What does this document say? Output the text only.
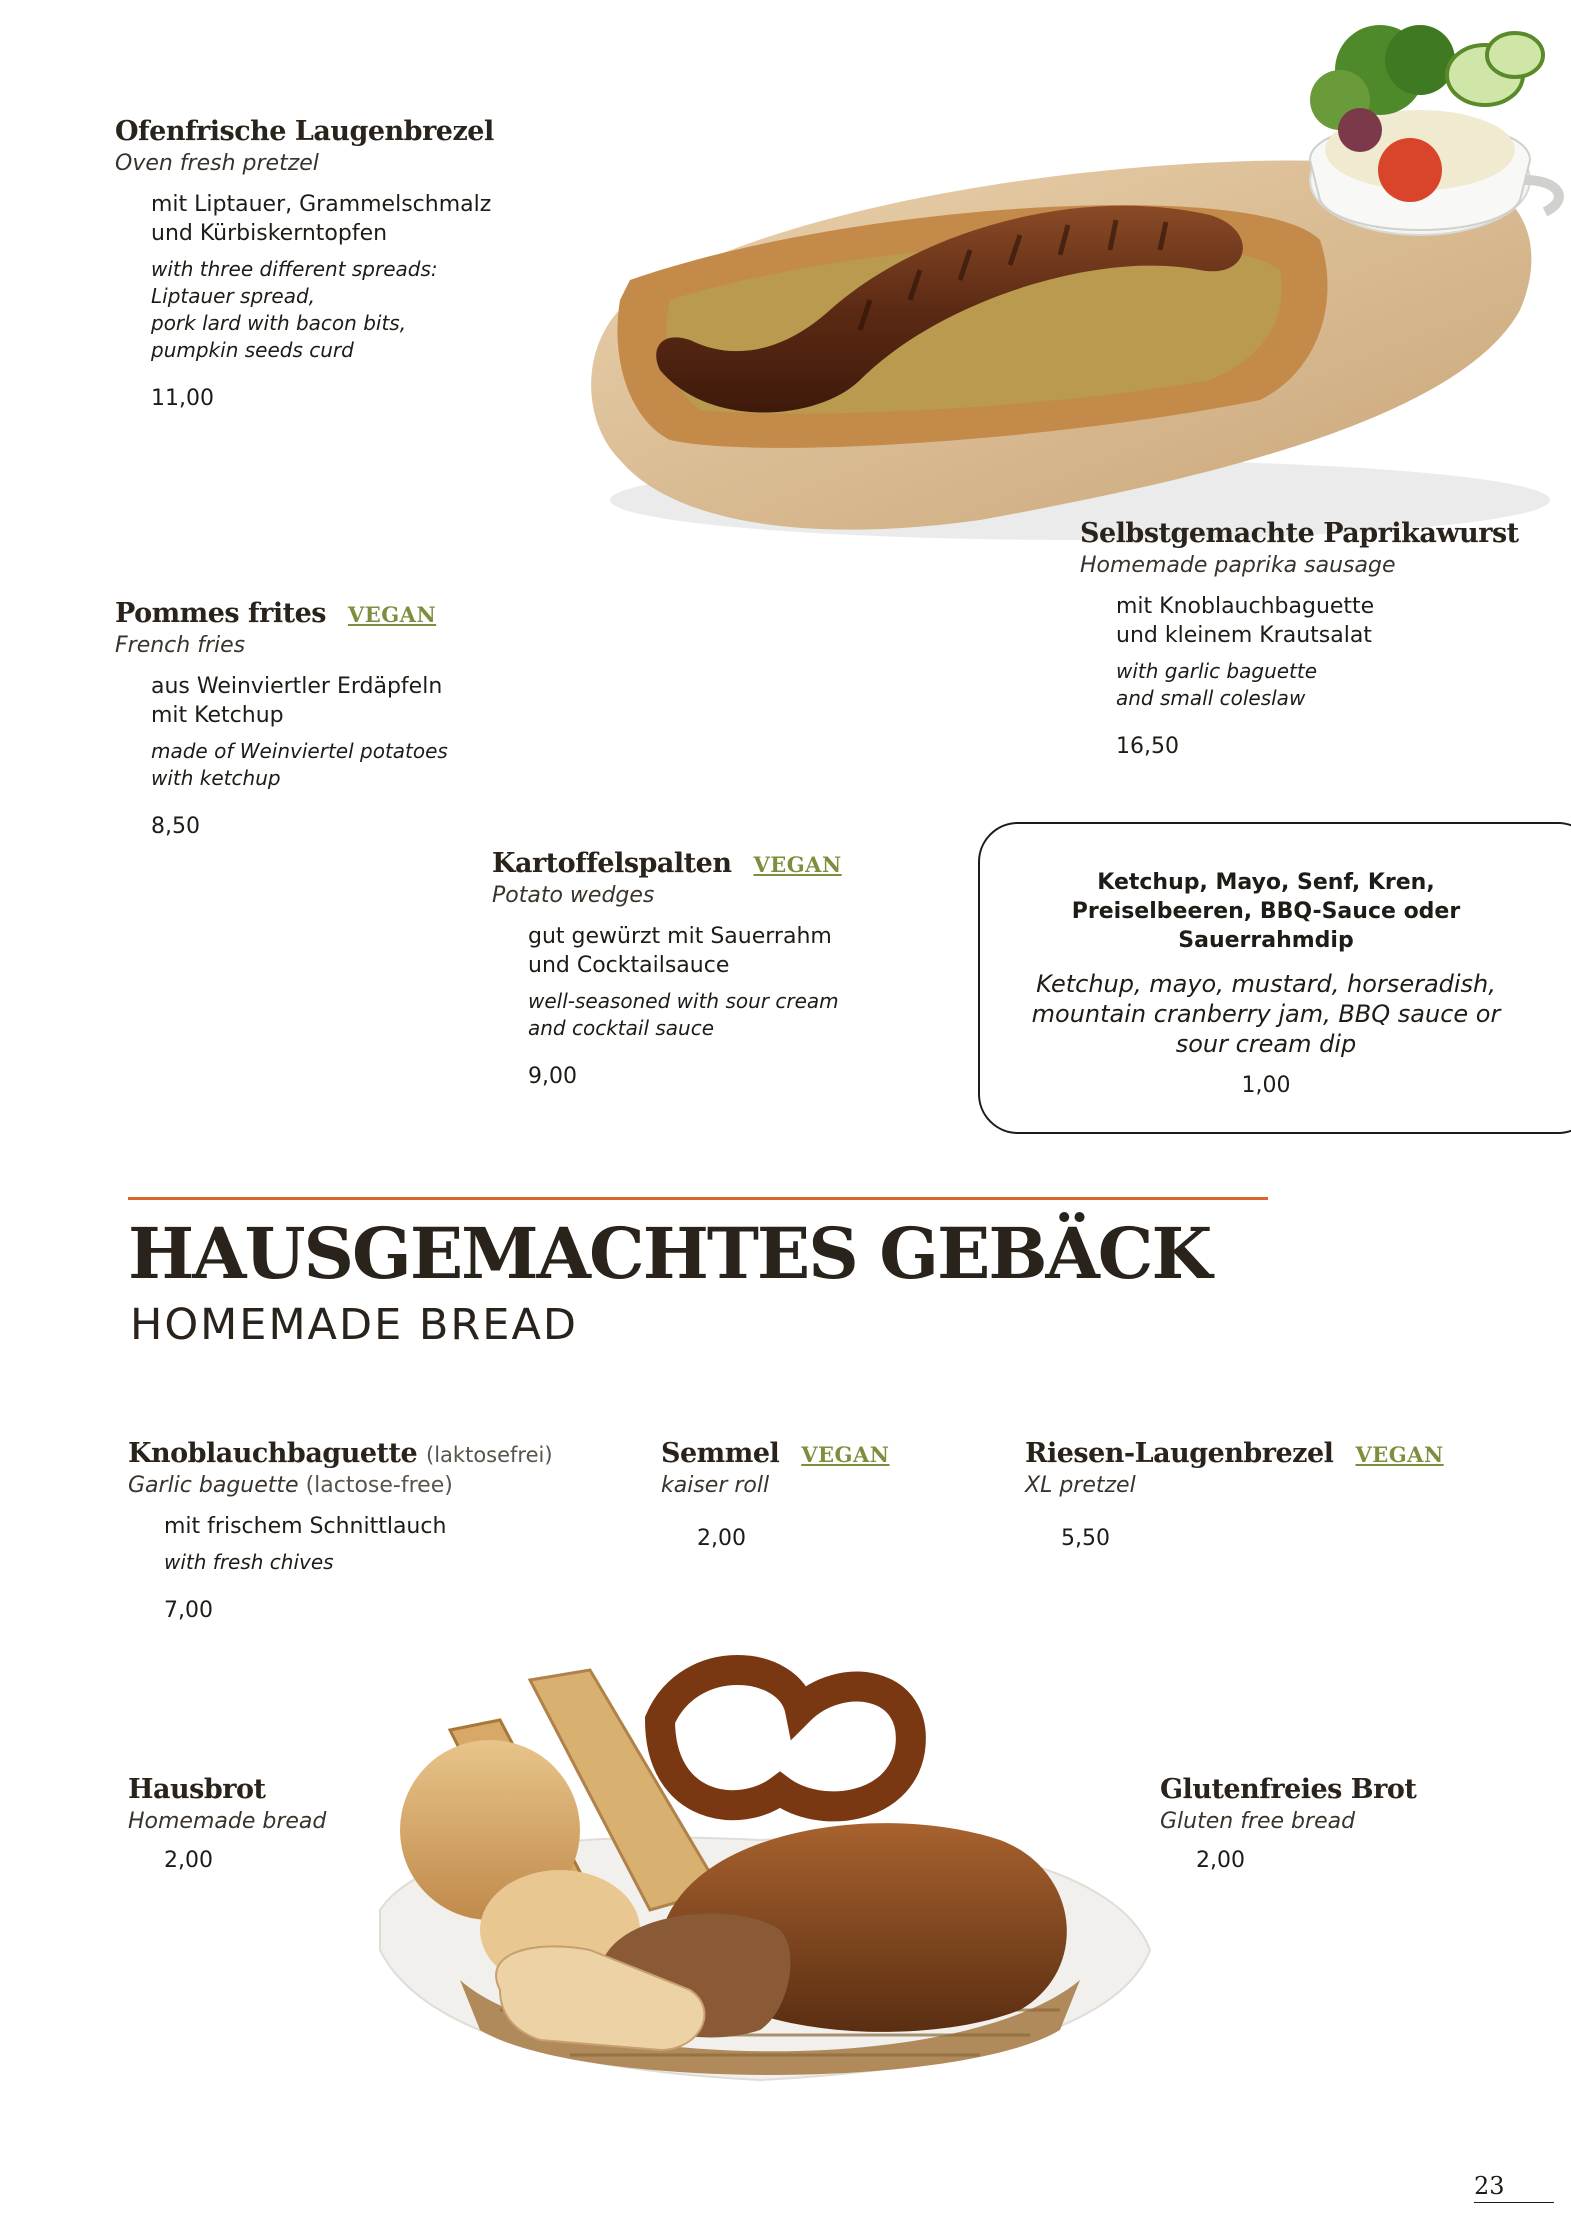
Ofenfrische Laugenbrezel
Oven fresh pretzel
mit Liptauer, Grammelschmalz
und Kürbiskerntopfen
with three different spreads:
Liptauer spread,
pork lard with bacon bits,
pumpkin seeds curd
11,00
Pommes frites VEGAN
French fries
aus Weinviertler Erdäpfeln
mit Ketchup
made of Weinviertel potatoes
with ketchup
8,50
Selbstgemachte Paprikawurst
Homemade paprika sausage
mit Knoblauchbaguette
und kleinem Krautsalat
with garlic baguette
and small coleslaw
16,50
Kartoffelspalten VEGAN
Potato wedges
gut gewürzt mit Sauerrahm
und Cocktailsauce
well-seasoned with sour cream
and cocktail sauce
9,00
Ketchup, Mayo, Senf, Kren, Preiselbeeren, BBQ-Sauce oder Sauerrahmdip
Ketchup, mayo, mustard, horseradish, mountain cranberry jam, BBQ sauce or sour cream dip
1,00
HAUSGEMACHTES GEBÄCK
HOMEMADE BREAD
Knoblauchbaguette (laktosefrei)
Garlic baguette (lactose-free)
mit frischem Schnittlauch
with fresh chives
7,00
Semmel VEGAN
kaiser roll
2,00
Riesen-Laugenbrezel VEGAN
XL pretzel
5,50
Hausbrot
Homemade bread
2,00
Glutenfreies Brot
Gluten free bread
2,00
23
